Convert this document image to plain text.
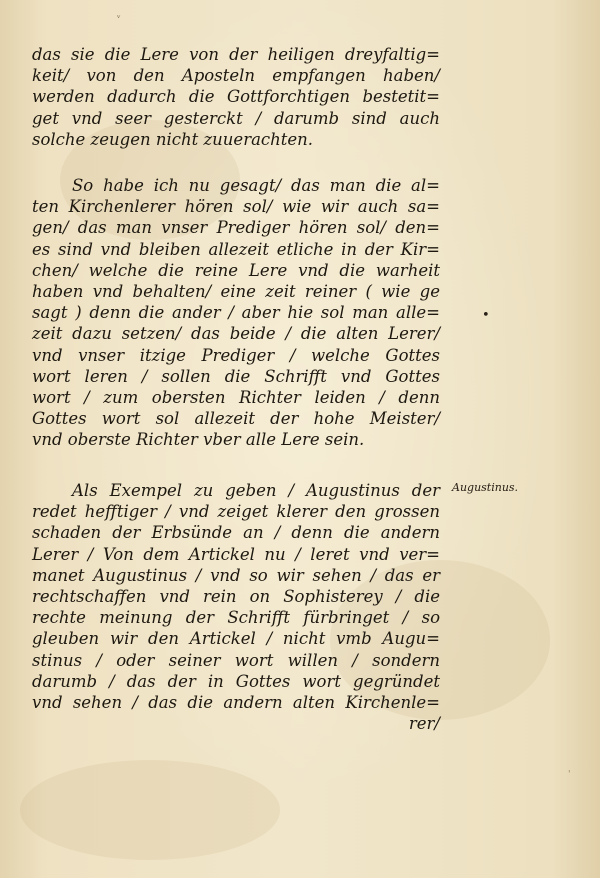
ᵛ
das sie die Lere von der heiligen dreyfaltig=
keit/ von den Aposteln empfangen haben/
werden dadurch die Gottforchtigen bestetit=
get vnd seer gesterckt / darumb sind auch
solche zeugen nicht zuuerachten.
So habe ich nu gesagt/ das man die al=
ten Kirchenlerer hören sol/ wie wir auch sa=
gen/ das man vnser Prediger hören sol/ den=
es sind vnd bleiben allezeit etliche in der Kir=
chen/ welche die reine Lere vnd die warheit
haben vnd behalten/ eine zeit reiner ( wie ge
sagt ) denn die ander / aber hie sol man alle=
zeit dazu setzen/ das beide / die alten Lerer/
vnd vnser itzige Prediger / welche Gottes
wort leren / sollen die Schrifft vnd Gottes
wort / zum obersten Richter leiden / denn
Gottes wort sol allezeit der hohe Meister/
vnd oberste Richter vber alle Lere sein.
Als Exempel zu geben / Augustinus der
redet hefftiger / vnd zeiget klerer den grossen
schaden der Erbsünde an / denn die andern
Lerer / Von dem Artickel nu / leret vnd ver=
manet Augustinus / vnd so wir sehen / das er
rechtschaffen vnd rein on Sophisterey / die
rechte meinung der Schrifft fürbringet / so
gleuben wir den Artickel / nicht vmb Augu=
stinus / oder seiner wort willen / sondern
darumb / das der in Gottes wort gegründet
vnd sehen / das die andern alten Kirchenle=
rer/
•
Augustinus.
'
